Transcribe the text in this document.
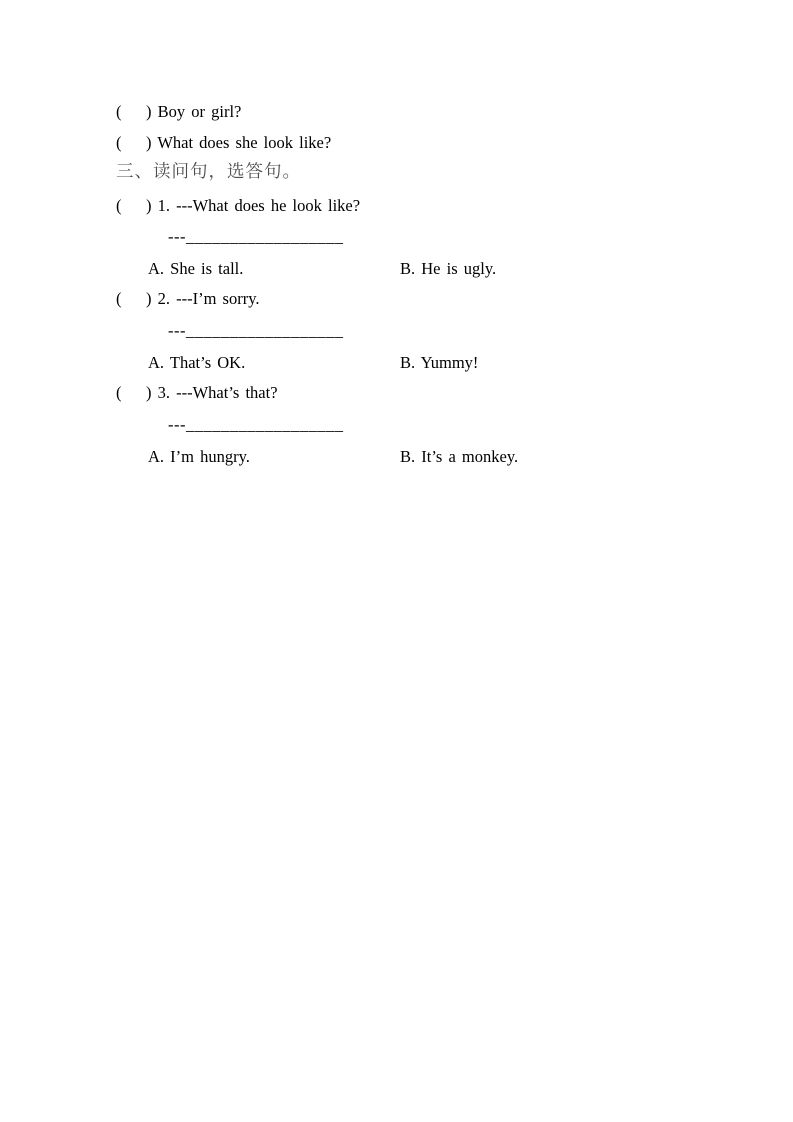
(    ) Boy or girl?
(    ) What does she look like?
三、读问句，选答句。
(    ) 1. ---What does he look like?
---__________________
A. She is tall.	B. He is ugly.
(    ) 2. ---I’m sorry.
---__________________
A. That’s OK.	B. Yummy!
(    ) 3. ---What’s that?
---__________________
A. I’m hungry.	B. It’s a monkey.
